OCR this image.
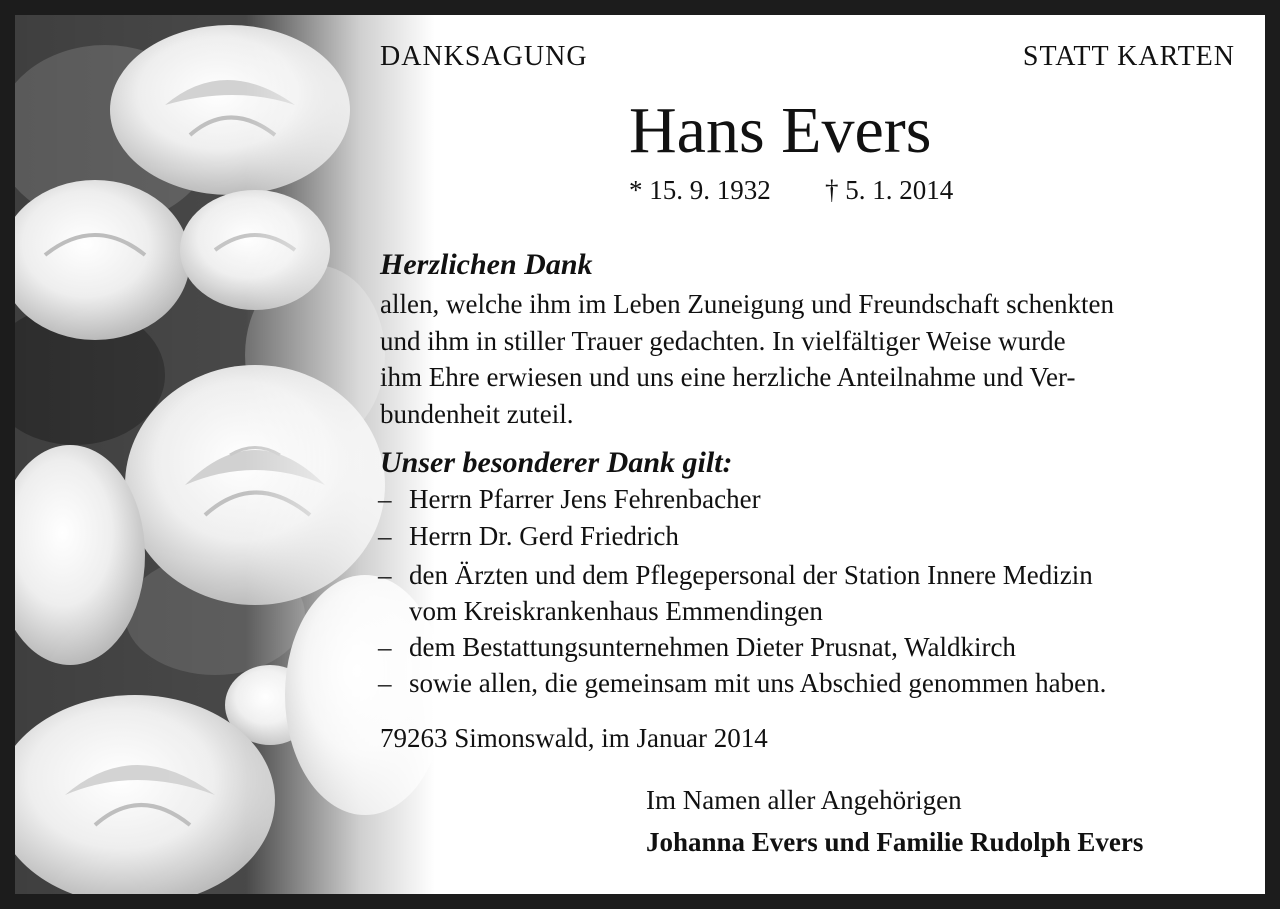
DANKSAGUNG	STATT KARTEN

Hans Evers

* 15. 9. 1932 † 5. 1. 2014

Herzlichen Dank

allen, welche ihm im Leben Zuneigung und Freundschaft schenkten
und ihm in stiller Trauer gedachten. In vielfältiger Weise wurde
ihm Ehre erwiesen und uns eine herzliche Anteilnahme und Ver-
bundenheit zuteil.

Unser besonderer Dank gilt:

– Herrn Pfarrer Jens Fehrenbacher
– Herrn Dr. Gerd Friedrich
– den Ärzten und dem Pflegepersonal der Station Innere Medizin
vom Kreiskrankenhaus Emmendingen
– dem Bestattungsunternehmen Dieter Prusnat, Waldkirch
– sowie allen, die gemeinsam mit uns Abschied genommen haben.

79263 Simonswald, im Januar 2014

Im Namen aller Angehörigen

Johanna Evers und Familie Rudolph Evers
